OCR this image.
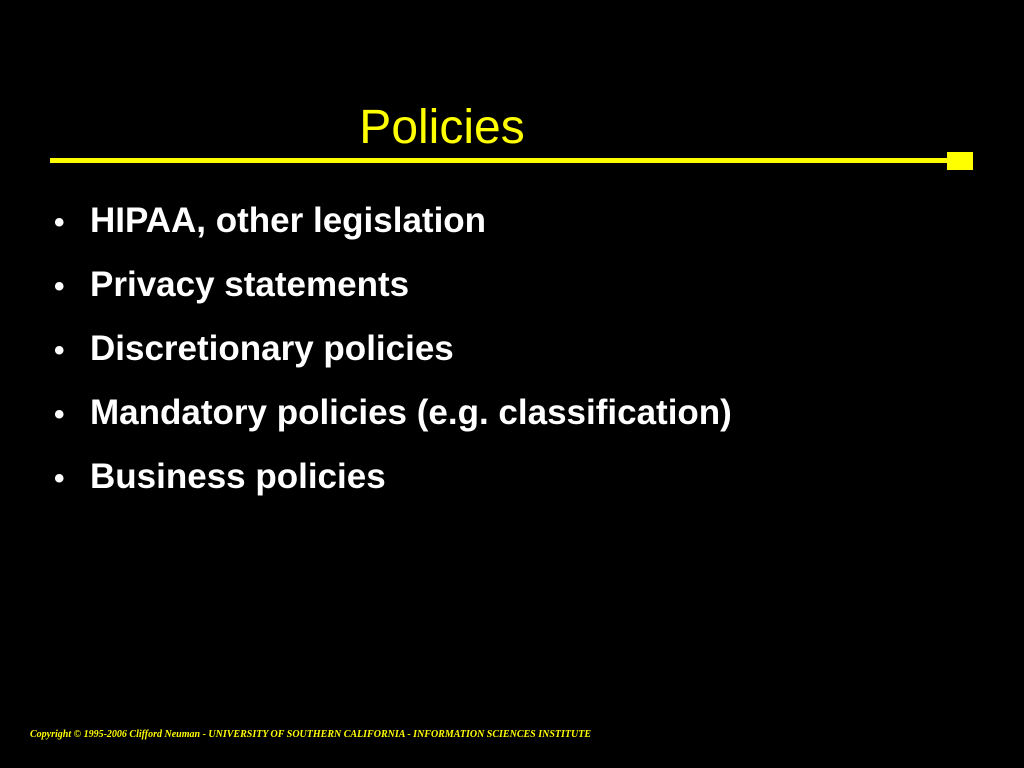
Policies
• HIPAA, other legislation
• Privacy statements
• Discretionary policies
• Mandatory policies (e.g. classification)
• Business policies
Copyright © 1995-2006 Clifford Neuman - UNIVERSITY OF SOUTHERN CALIFORNIA - INFORMATION SCIENCES INSTITUTE
